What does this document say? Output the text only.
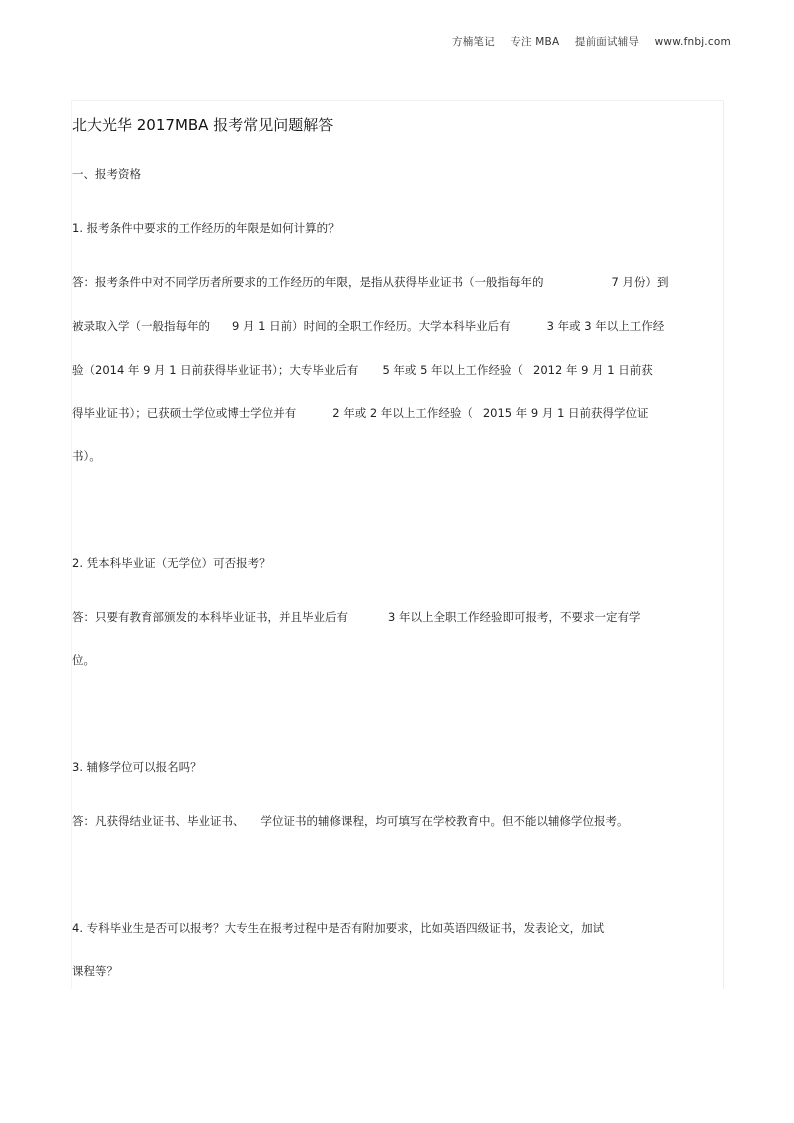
方楠笔记 专注 MBA 提前面试辅导 www.fnbj.com
北大光华 2017MBA 报考常见问题解答
一、报考资格
1. 报考条件中要求的工作经历的年限是如何计算的？
答：报考条件中对不同学历者所要求的工作经历的年限，是指从获得毕业证书（一般指每年的	7 月份）到
被录取入学（一般指每年的 9 月 1 日前）时间的全职工作经历。大学本科毕业后有	3 年或 3 年以上工作经
验（2014 年 9 月 1 日前获得毕业证书）；大专毕业后有 5 年或 5 年以上工作经验（ 2012 年 9 月 1 日前获
得毕业证书）；已获硕士学位或博士学位并有	2 年或 2 年以上工作经验（ 2015 年 9 月 1 日前获得学位证
书）。
2. 凭本科毕业证（无学位）可否报考？
答：只要有教育部颁发的本科毕业证书，并且毕业后有	3 年以上全职工作经验即可报考，不要求一定有学
位。
3. 辅修学位可以报名吗？
答：凡获得结业证书、毕业证书、 学位证书的辅修课程，均可填写在学校教育中。但不能以辅修学位报考。
4. 专科毕业生是否可以报考？大专生在报考过程中是否有附加要求，比如英语四级证书，发表论文，加试
课程等？
